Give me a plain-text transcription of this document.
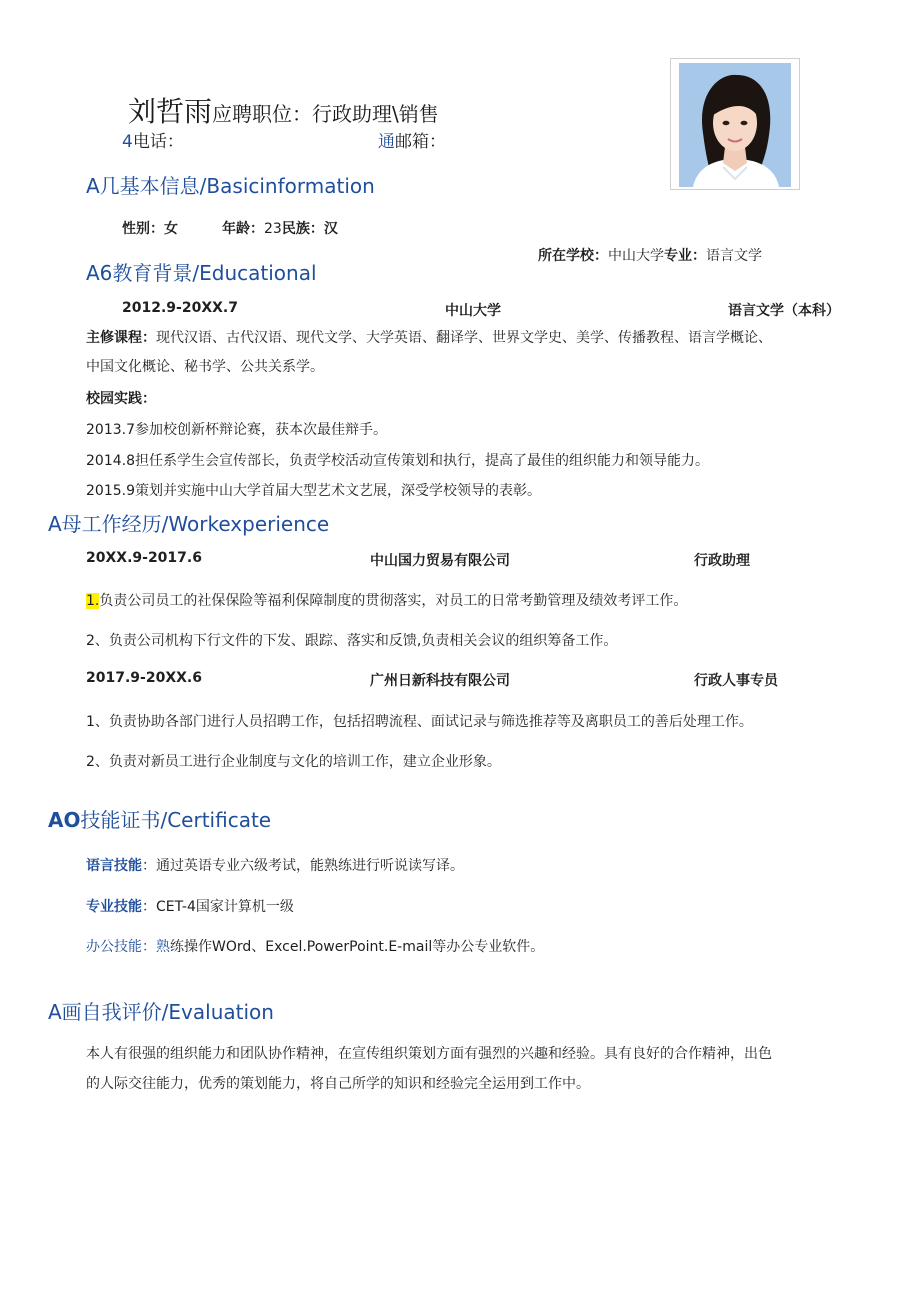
刘哲雨应聘职位：行政助理\销售
4电话：	通邮箱：
A几基本信息/Basicinformation
性别：女	年龄：23民族：汉
所在学校：中山大学专业：语言文学
A6教育背景/Educational
2012.9-20XX.7	中山大学	语言文学（本科）
主修课程：现代汉语、古代汉语、现代文学、大学英语、翻译学、世界文学史、美学、传播教程、语言学概论、
中国文化概论、秘书学、公共关系学。
校园实践：
2013.7参加校创新杯辩论赛，获本次最佳辩手。
2014.8担任系学生会宣传部长，负责学校活动宣传策划和执行，提高了最佳的组织能力和领导能力。
2015.9策划并实施中山大学首届大型艺术文艺展，深受学校领导的表彰。
A母工作经历/Workexperience
20XX.9-2017.6	中山国力贸易有限公司	行政助理
1.负责公司员工的社保保险等福利保障制度的贯彻落实，对员工的日常考勤管理及绩效考评工作。
2、负责公司机构下行文件的下发、跟踪、落实和反馈,负责相关会议的组织筹备工作。
2017.9-20XX.6	广州日新科技有限公司	行政人事专员
1、负责协助各部门进行人员招聘工作，包括招聘流程、面试记录与筛选推荐等及离职员工的善后处理工作。
2、负责对新员工进行企业制度与文化的培训工作，建立企业形象。
AO技能证书/Certificate
语言技能：通过英语专业六级考试，能熟练进行听说读写译。
专业技能：CET-4国家计算机一级
办公技能：熟练操作WOrd、Excel.PowerPoint.E-mail等办公专业软件。
A画自我评价/Evaluation
本人有很强的组织能力和团队协作精神，在宣传组织策划方面有强烈的兴趣和经验。具有良好的合作精神，出色
的人际交往能力，优秀的策划能力，将自己所学的知识和经验完全运用到工作中。
